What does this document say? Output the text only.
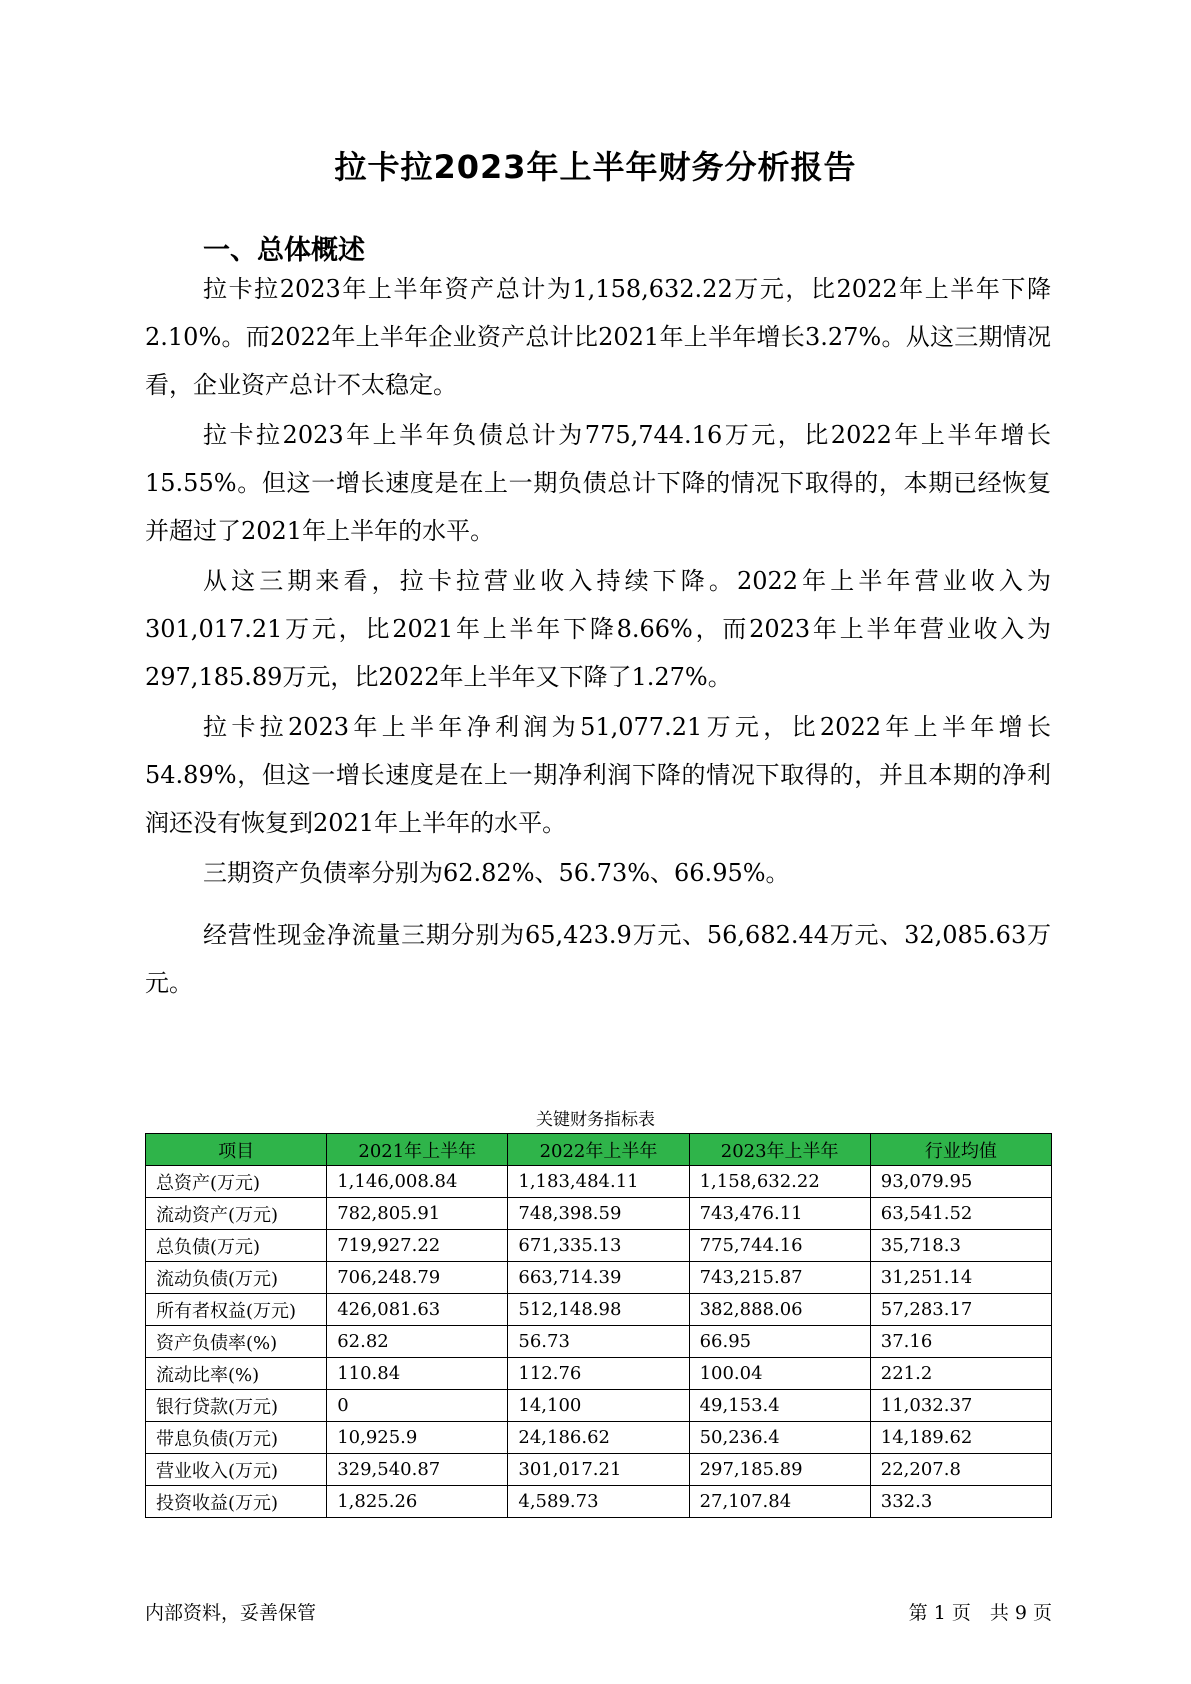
拉卡拉2023年上半年财务分析报告
一、总体概述

拉卡拉2023年上半年资产总计为1,158,632.22万元，比2022年上半年下降2.10%。而2022年上半年企业资产总计比2021年上半年增长3.27%。从这三期情况看，企业资产总计不太稳定。

拉卡拉2023年上半年负债总计为775,744.16万元，比2022年上半年增长15.55%。但这一增长速度是在上一期负债总计下降的情况下取得的，本期已经恢复并超过了2021年上半年的水平。

从这三期来看，拉卡拉营业收入持续下降。2022年上半年营业收入为301,017.21万元，比2021年上半年下降8.66%，而2023年上半年营业收入为297,185.89万元，比2022年上半年又下降了1.27%。

拉卡拉2023年上半年净利润为51,077.21万元，比2022年上半年增长54.89%，但这一增长速度是在上一期净利润下降的情况下取得的，并且本期的净利润还没有恢复到2021年上半年的水平。

三期资产负债率分别为62.82%、56.73%、66.95%。

经营性现金净流量三期分别为65,423.9万元、56,682.44万元、32,085.63万元。

关键财务指标表
项目	2021年上半年	2022年上半年	2023年上半年	行业均值
总资产(万元)	1,146,008.84	1,183,484.11	1,158,632.22	93,079.95
流动资产(万元)	782,805.91	748,398.59	743,476.11	63,541.52
总负债(万元)	719,927.22	671,335.13	775,744.16	35,718.3
流动负债(万元)	706,248.79	663,714.39	743,215.87	31,251.14
所有者权益(万元)	426,081.63	512,148.98	382,888.06	57,283.17
资产负债率(%)	62.82	56.73	66.95	37.16
流动比率(%)	110.84	112.76	100.04	221.2
银行贷款(万元)	0	14,100	49,153.4	11,032.37
带息负债(万元)	10,925.9	24,186.62	50,236.4	14,189.62
营业收入(万元)	329,540.87	301,017.21	297,185.89	22,207.8
投资收益(万元)	1,825.26	4,589.73	27,107.84	332.3
内部资料，妥善保管	第 1 页　共 9 页
